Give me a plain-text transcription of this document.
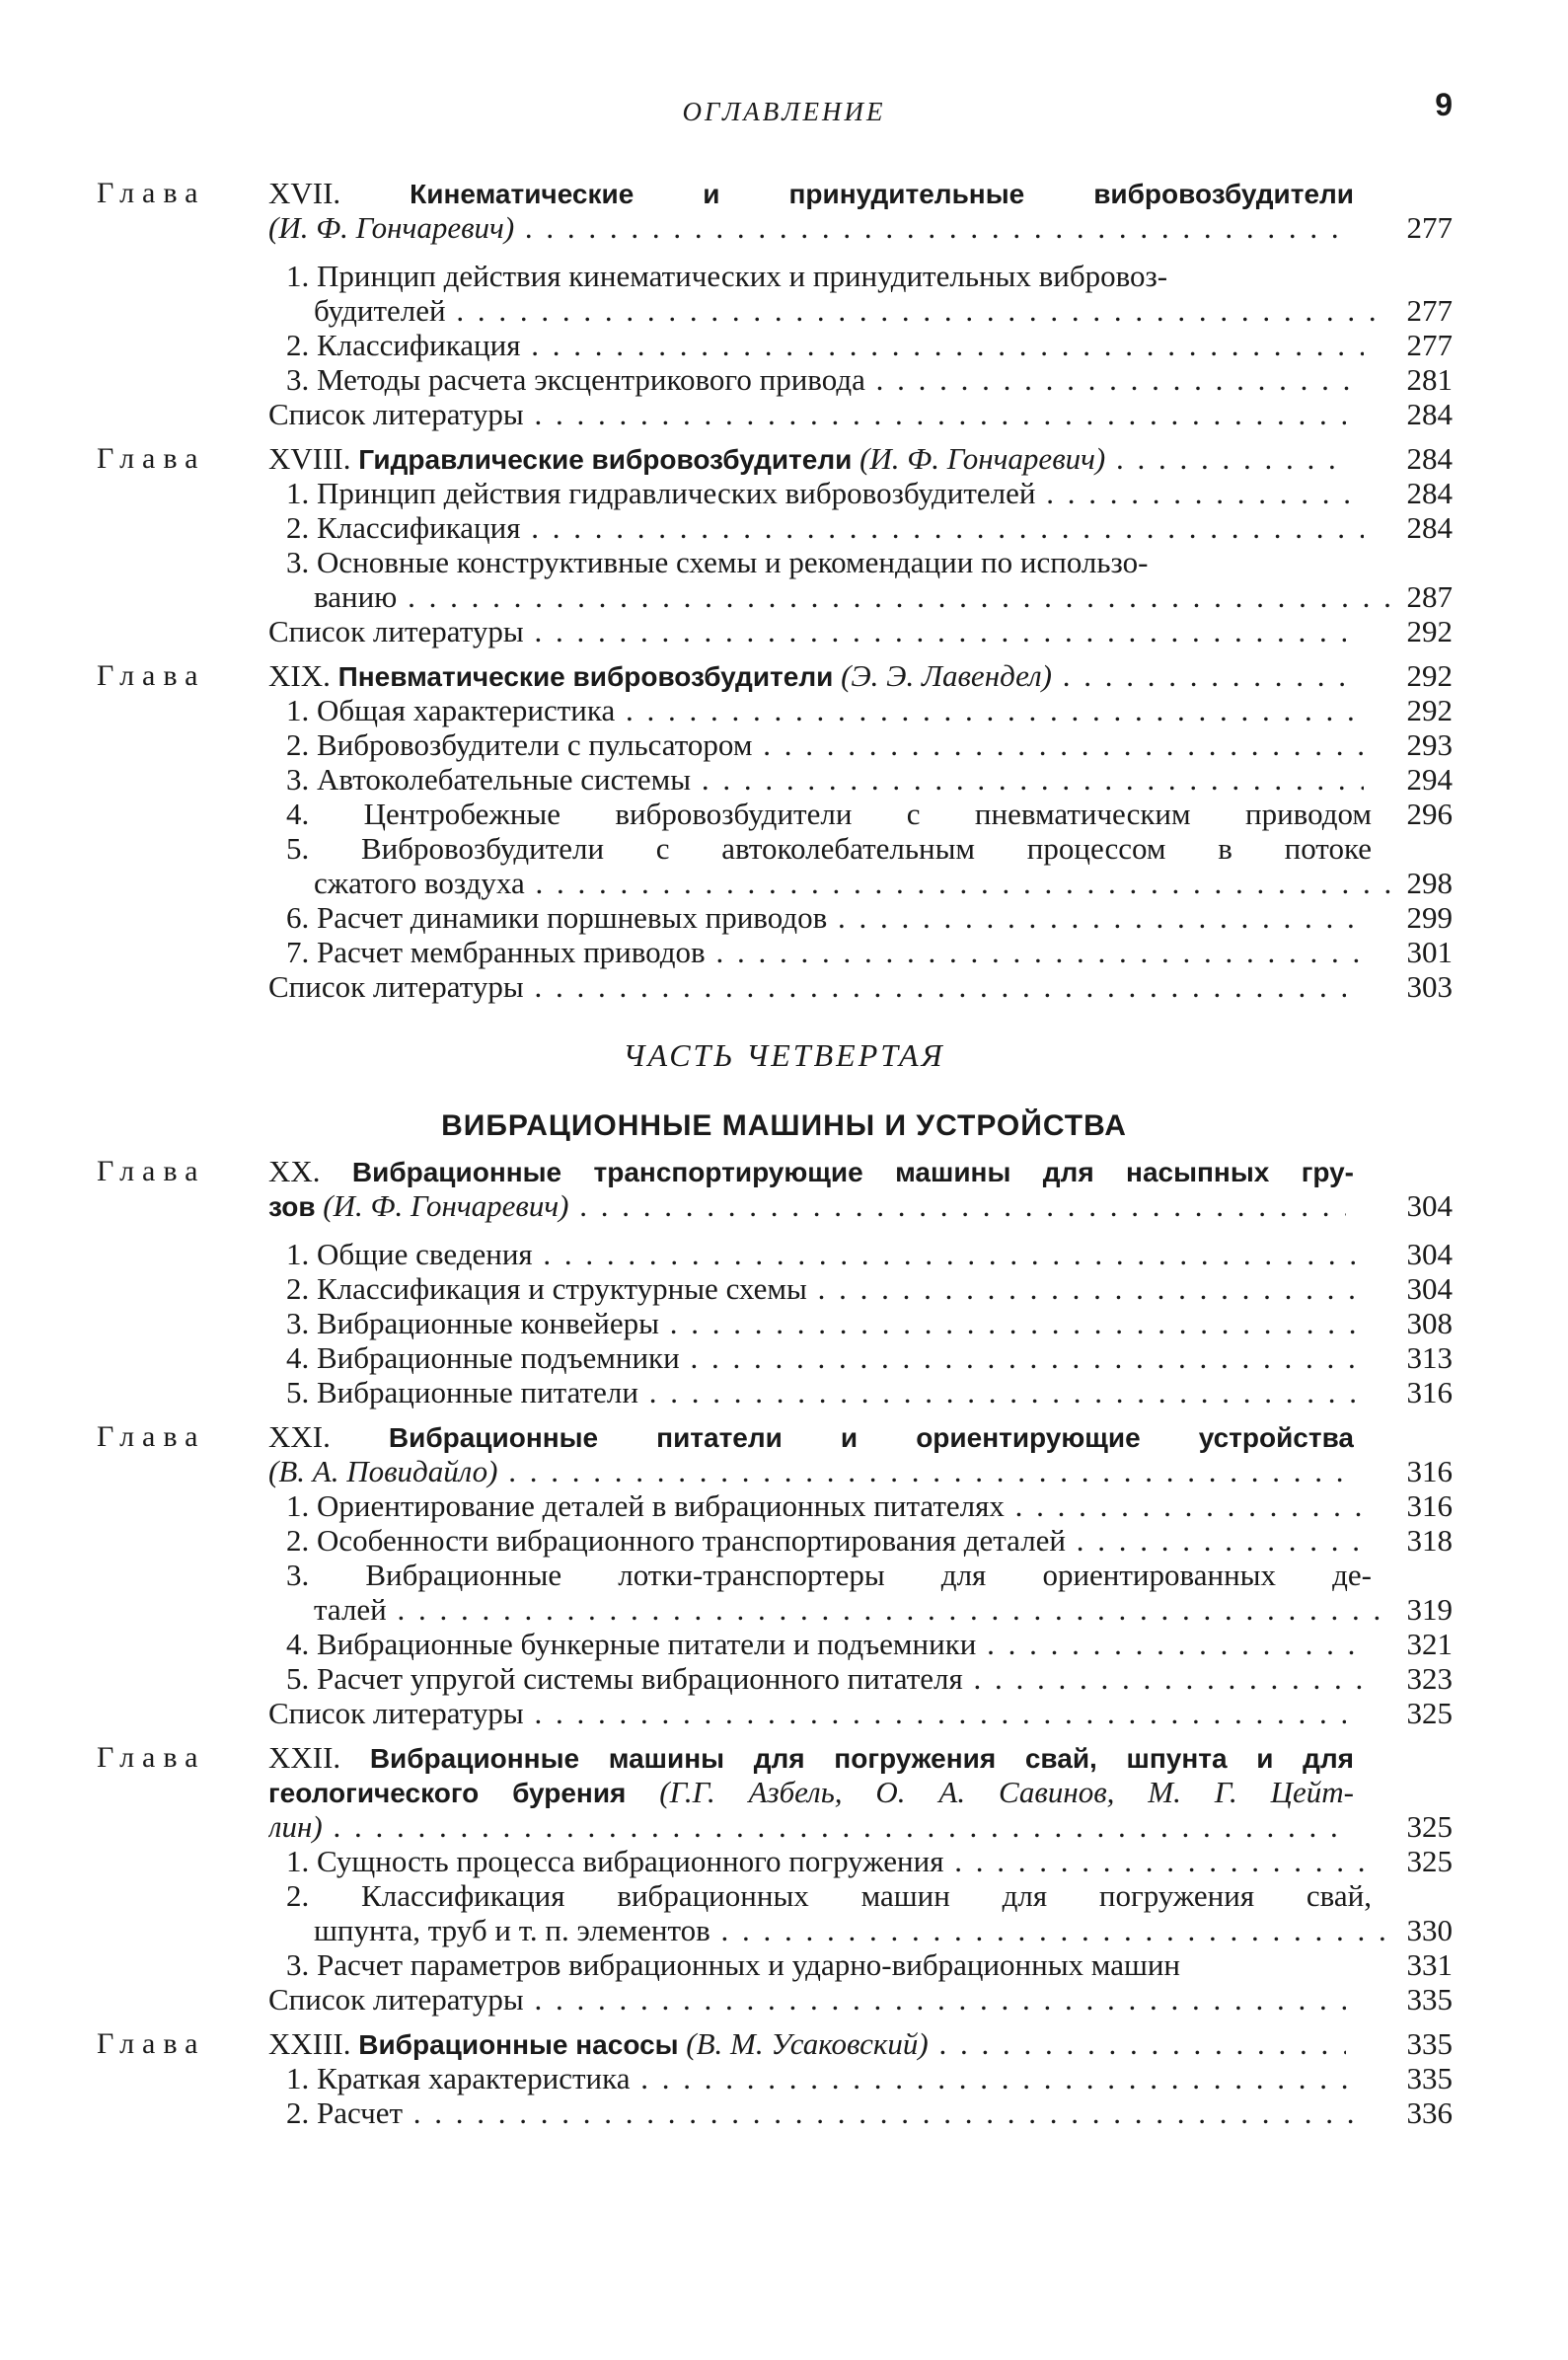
ОГЛАВЛЕНИЕ	9
Глава XVII.	Кинематические и принудительные вибровозбудители
(И. Ф. Гончаревич) . . .	277
1. Принцип действия кинематических и принудительных вибровоз-
будителей . . .	277
2. Классификация . . .	277
3. Методы расчета эксцентрикового привода . . .	281
Список литературы . . .	284
Глава XVIII. Гидравлические вибровозбудители (И. Ф. Гончаревич) . . .	284
1. Принцип действия гидравлических вибровозбудителей . . .	284
2. Классификация . . .	284
3. Основные конструктивные схемы и рекомендации по использо-
ванию . . .	287
Список литературы . . .	292
Глава XIX. Пневматические вибровозбудители (Э. Э. Лавендел) . . .	292
1. Общая характеристика . . .	292
2. Вибровозбудители с пульсатором . . .	293
3. Автоколебательные системы . . .	294
4. Центробежные вибровозбудители с пневматическим приводом	296
5. Вибровозбудители с автоколебательным процессом в потоке
сжатого воздуха . . .	298
6. Расчет динамики поршневых приводов . . .	299
7. Расчет мембранных приводов . . .	301
Список литературы . . .	303
ЧАСТЬ ЧЕТВЕРТАЯ
ВИБРАЦИОННЫЕ МАШИНЫ И УСТРОЙСТВА
Глава XX. Вибрационные транспортирующие машины для насыпных гру-
зов (И. Ф. Гончаревич) . . .	304
1. Общие сведения . . .	304
2. Классификация и структурные схемы . . .	304
3. Вибрационные конвейеры . . .	308
4. Вибрационные подъемники . . .	313
5. Вибрационные питатели . . .	316
Глава XXI. Вибрационные питатели и ориентирующие устройства
(В. А. Повидайло) . . .	316
1. Ориентирование деталей в вибрационных питателях . . .	316
2. Особенности вибрационного транспортирования деталей . . .	318
3. Вибрационные лотки-транспортеры для ориентированных де-
талей . . .	319
4. Вибрационные бункерные питатели и подъемники . . .	321
5. Расчет упругой системы вибрационного питателя . . .	323
Список литературы . . .	325
Глава XXII. Вибрационные машины для погружения свай, шпунта и для
геологического бурения (Г.Г. Азбель, О. А. Савинов, М. Г. Цейт-
лин) . . .	325
1. Сущность процесса вибрационного погружения . . .	325
2. Классификация вибрационных машин для погружения свай,
шпунта, труб и т. п. элементов . . .	330
3. Расчет параметров вибрационных и ударно-вибрационных машин	331
Список литературы . . .	335
Глава XXIII. Вибрационные насосы (В. М. Усаковский) . . .	335
1. Краткая характеристика . . .	335
2. Расчет . . .	336
